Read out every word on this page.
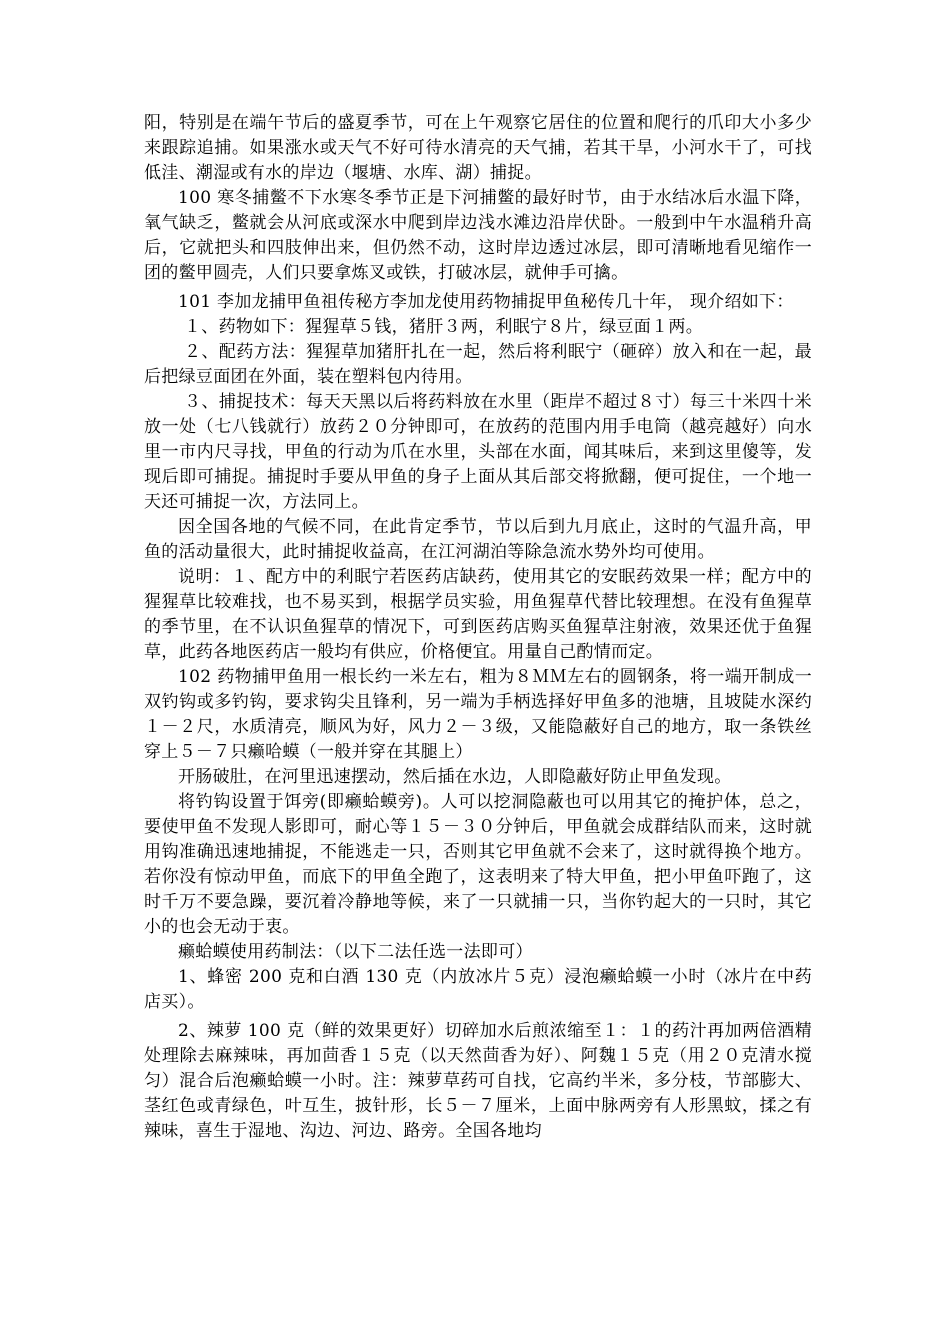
阳，特别是在端午节后的盛夏季节，可在上午观察它居住的位置和爬行的爪印大小多少来跟踪追捕。如果涨水或天气不好可待水清亮的天气捕，若其干旱，小河水干了，可找低洼、潮湿或有水的岸边（堰塘、水库、湖）捕捉。

100 寒冬捕鳖不下水寒冬季节正是下河捕鳖的最好时节，由于水结冰后水温下降，氧气缺乏，鳖就会从河底或深水中爬到岸边浅水滩边沿岸伏卧。一般到中午水温稍升高后，它就把头和四肢伸出来，但仍然不动，这时岸边透过冰层，即可清晰地看见缩作一团的鳖甲圆壳，人们只要拿炼叉或铁，打破冰层，就伸手可擒。

101 李加龙捕甲鱼祖传秘方李加龙使用药物捕捉甲鱼秘传几十年， 现介绍如下：

１、药物如下：猩猩草５钱，猪肝３两，利眠宁８片，绿豆面１两。

２、配药方法：猩猩草加猪肝扎在一起，然后将利眠宁（砸碎）放入和在一起，最后把绿豆面团在外面，装在塑料包内待用。

３、捕捉技术：每天天黑以后将药料放在水里（距岸不超过８寸）每三十米四十米放一处（七八钱就行）放药２０分钟即可，在放药的范围内用手电筒（越亮越好）向水里一市内尺寻找，甲鱼的行动为爪在水里，头部在水面，闻其味后，来到这里傻等，发现后即可捕捉。捕捉时手要从甲鱼的身子上面从其后部交将掀翻，便可捉住，一个地一天还可捕捉一次，方法同上。

因全国各地的气候不同，在此肯定季节，节以后到九月底止，这时的气温升高，甲鱼的活动量很大，此时捕捉收益高，在江河湖泊等除急流水势外均可使用。

说明：１、配方中的利眠宁若医药店缺药，使用其它的安眠药效果一样；配方中的猩猩草比较难找，也不易买到，根据学员实验，用鱼猩草代替比较理想。在没有鱼猩草的季节里，在不认识鱼猩草的情况下，可到医药店购买鱼猩草注射液，效果还优于鱼猩草，此药各地医药店一般均有供应，价格便宜。用量自己酌情而定。

102 药物捕甲鱼用一根长约一米左右，粗为８ＭＭ左右的圆钢条，将一端开制成一双钓钩或多钓钩，要求钩尖且锋利，另一端为手柄选择好甲鱼多的池塘，且坡陡水深约１－２尺，水质清亮，顺风为好，风力２－３级，又能隐蔽好自己的地方，取一条铁丝穿上５－７只癞哈蟆（一般并穿在其腿上）

开肠破肚，在河里迅速摆动，然后插在水边，人即隐蔽好防止甲鱼发现。

将钓钩设置于饵旁(即癞蛤蟆旁)。人可以挖洞隐蔽也可以用其它的掩护体，总之，要使甲鱼不发现人影即可，耐心等１５－３０分钟后，甲鱼就会成群结队而来，这时就用钩准确迅速地捕捉，不能逃走一只，否则其它甲鱼就不会来了，这时就得换个地方。若你没有惊动甲鱼，而底下的甲鱼全跑了，这表明来了特大甲鱼，把小甲鱼吓跑了，这时千万不要急躁，要沉着冷静地等候，来了一只就捕一只，当你钓起大的一只时，其它小的也会无动于衷。

癞蛤蟆使用药制法：（以下二法任选一法即可）

1、蜂密 200 克和白酒 130 克（内放冰片５克）浸泡癞蛤蟆一小时（冰片在中药店买）。

2、辣萝 100 克（鲜的效果更好）切碎加水后煎浓缩至１：１的药汁再加两倍酒精处理除去麻辣味，再加茴香１５克（以天然茴香为好）、阿魏１５克（用２０克清水搅匀）混合后泡癞蛤蟆一小时。注：辣萝草药可自找，它高约半米，多分枝，节部膨大、茎红色或青绿色，叶互生，披针形，长５－７厘米，上面中脉两旁有人形黑蚊，揉之有辣味，喜生于湿地、沟边、河边、路旁。全国各地均
